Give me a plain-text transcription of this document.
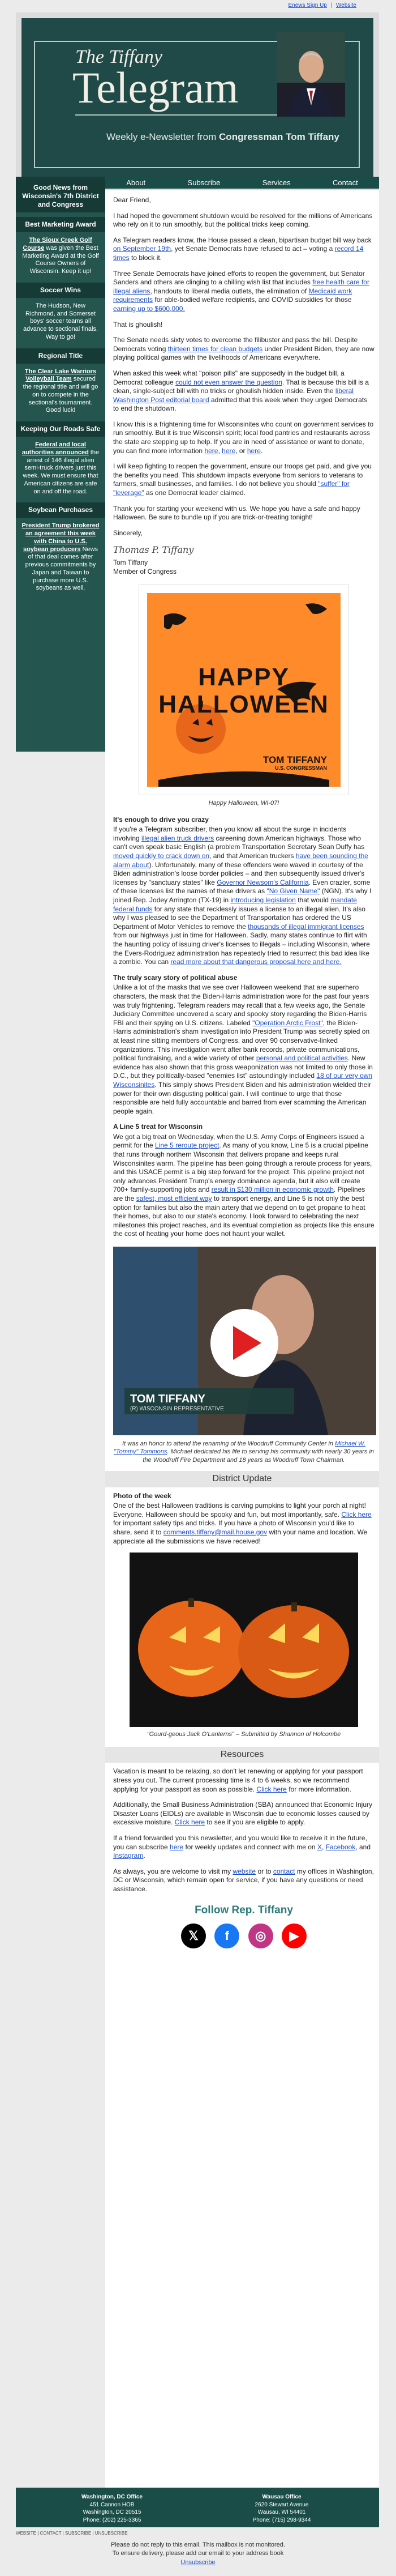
Enews Sign Up | Website
The Tiffany
Telegram
Weekly e-Newsletter from Congressman Tom Tiffany
Good News from Wisconsin's 7th District and Congress
Best Marketing Award
The Sioux Creek Golf Course was given the Best Marketing Award at the Golf Course Owners of Wisconsin. Keep it up!
Soccer Wins
The Hudson, New Richmond, and Somerset boys' soccer teams all advance to sectional finals. Way to go!
Regional Title
The Clear Lake Warriors Volleyball Team secured the regional title and will go on to compete in the sectional's tournament. Good luck!
Keeping Our Roads Safe
Federal and local authorities announced the arrest of 146 illegal alien semi-truck drivers just this week. We must ensure that American citizens are safe on and off the road.
Soybean Purchases
President Trump brokered an agreement this week with China to U.S. soybean producers News of that deal comes after previous commitments by Japan and Taiwan to purchase more U.S. soybeans as well.
About	Subscribe	Services	Contact

Dear Friend,

I had hoped the government shutdown would be resolved for the millions of Americans who rely on it to run smoothly, but the political tricks keep coming.

As Telegram readers know, the House passed a clean, bipartisan budget bill way back on September 19th, yet Senate Democrats have refused to act – voting a record 14 times to block it.

Three Senate Democrats have joined efforts to reopen the government, but Senator Sanders and others are clinging to a chilling wish list that includes free health care for illegal aliens, handouts to liberal media outlets, the elimination of Medicaid work requirements for able-bodied welfare recipients, and COVID subsidies for those earning up to $600,000.

That is ghoulish!

The Senate needs sixty votes to overcome the filibuster and pass the bill. Despite Democrats voting thirteen times for clean budgets under President Biden, they are now playing political games with the livelihoods of Americans everywhere.

When asked this week what "poison pills" are supposedly in the budget bill, a Democrat colleague could not even answer the question. That is because this bill is a clean, single-subject bill with no tricks or ghoulish hidden inside. Even the liberal Washington Post editorial board admitted that this week when they urged Democrats to end the shutdown.

I know this is a frightening time for Wisconsinites who count on government services to run smoothly. But it is true Wisconsin spirit; local food pantries and restaurants across the state are stepping up to help. If you are in need of assistance or want to donate, you can find more information here, here, or here.

I will keep fighting to reopen the government, ensure our troops get paid, and give you the benefits you need. This shutdown impacts everyone from seniors to veterans to farmers, small businesses, and families. I do not believe you should "suffer" for "leverage" as one Democrat leader claimed.

Thank you for starting your weekend with us. We hope you have a safe and happy Halloween. Be sure to bundle up if you are trick-or-treating tonight!

Sincerely,

Thomas P. Tiffany

Tom Tiffany
Member of Congress
HAPPY
HALLOWEEN
TOM TIFFANY
U.S. CONGRESSMAN
Happy Halloween, WI-07!
It's enough to drive you crazy

If you're a Telegram subscriber, then you know all about the surge in incidents involving illegal alien truck drivers careening down American highways. Those who can't even speak basic English (a problem Transportation Secretary Sean Duffy has moved quickly to crack down on, and that American truckers have been sounding the alarm about). Unfortunately, many of these offenders were waved in courtesy of the Biden administration's loose border policies – and then subsequently issued driver's licenses by "sanctuary states" like Governor Newsom's California. Even crazier, some of these licenses list the names of these drivers as "No Given Name" (NGN). It's why I joined Rep. Jodey Arrington (TX-19) in introducing legislation that would mandate federal funds for any state that recklessly issues a license to an illegal alien. It's also why I was pleased to see the Department of Transportation has ordered the US Department of Motor Vehicles to remove the thousands of illegal immigrant licenses from our highways just in time for Halloween. Sadly, many states continue to flirt with the haunting policy of issuing driver's licenses to illegals – including Wisconsin, where the Evers-Rodriguez administration has repeatedly tried to resurrect this bad idea like a zombie. You can read more about that dangerous proposal here and here.

The truly scary story of political abuse

Unlike a lot of the masks that we see over Halloween weekend that are superhero characters, the mask that the Biden-Harris administration wore for the past four years was truly frightening. Telegram readers may recall that a few weeks ago, the Senate Judiciary Committee uncovered a scary and spooky story regarding the Biden-Harris FBI and their spying on U.S. citizens. Labeled "Operation Arctic Frost", the Biden-Harris administration's sham investigation into President Trump was secretly spied on at least nine sitting members of Congress, and over 90 conservative-linked organizations. This investigation went after bank records, private communications, political fundraising, and a wide variety of other personal and political activities. New evidence has also shown that this gross weaponization was not limited to only those in D.C., but they politically-based "enemies list" astoundingly included 18 of our very own Wisconsinites. This simply shows President Biden and his administration wielded their power for their own disgusting political gain. I will continue to urge that those responsible are held fully accountable and barred from ever scamming the American people again.

A Line 5 treat for Wisconsin

We got a big treat on Wednesday, when the U.S. Army Corps of Engineers issued a permit for the Line 5 reroute project. As many of you know, Line 5 is a crucial pipeline that runs through northern Wisconsin that delivers propane and keeps rural Wisconsinites warm. The pipeline has been going through a reroute process for years, and this USACE permit is a big step forward for the project. This pipeline project not only advances President Trump's energy dominance agenda, but it also will create 700+ family-supporting jobs and result in $130 million in economic growth. Pipelines are the safest, most efficient way to transport energy, and Line 5 is not only the best option for families but also the main artery that we depend on to get propane to heat their homes, but also to our state's economy. I look forward to celebrating the next milestones this project reaches, and its eventual completion as projects like this ensure the cost of heating your home does not haunt your wallet.

TOM TIFFANY
(R) WISCONSIN REPRESENTATIVE

It was an honor to attend the renaming of the Woodruff Community Center in Michael W. "Tommy" Tommons. Michael dedicated his life to serving his community with nearly 30 years in the Woodruff Fire Department and 18 years as Woodruff Town Chairman.

District Update
Photo of the week

One of the best Halloween traditions is carving pumpkins to light your porch at night! Everyone, Halloween should be spooky and fun, but most importantly, safe. Click here for important safety tips and tricks. If you have a photo of Wisconsin you'd like to share, send it to comments.tiffany@mail.house.gov with your name and location. We appreciate all the submissions we have received!

"Gourd-geous Jack O'Lanterns" – Submitted by Shannon of Holcombe
Resources

Vacation is meant to be relaxing, so don't let renewing or applying for your passport stress you out. The current processing time is 4 to 6 weeks, so we recommend applying for your passport as soon as possible. Click here for more information.

Additionally, the Small Business Administration (SBA) announced that Economic Injury Disaster Loans (EIDLs) are available in Wisconsin due to economic losses caused by excessive moisture. Click here to see if you are eligible to apply.

If a friend forwarded you this newsletter, and you would like to receive it in the future, you can subscribe here for weekly updates and connect with me on X, Facebook, and Instagram.

As always, you are welcome to visit my website or to contact my offices in Washington, DC or Wisconsin, which remain open for service, if you have any questions or need assistance.

Follow Rep. Tiffany
𝕏 f ◎ ▶
Washington, DC Office
451 Cannon HOB
Washington, DC 20515
Phone: (202) 225-3365
Wausau Office
2620 Stewart Avenue
Wausau, WI 54401
Phone: (715) 298-9344
WEBSITE | CONTACT | SUBSCRIBE | UNSUBSCRIBE
Please do not reply to this email. This mailbox is not monitored.
To ensure delivery, please add our email to your address book
Unsubscribe
